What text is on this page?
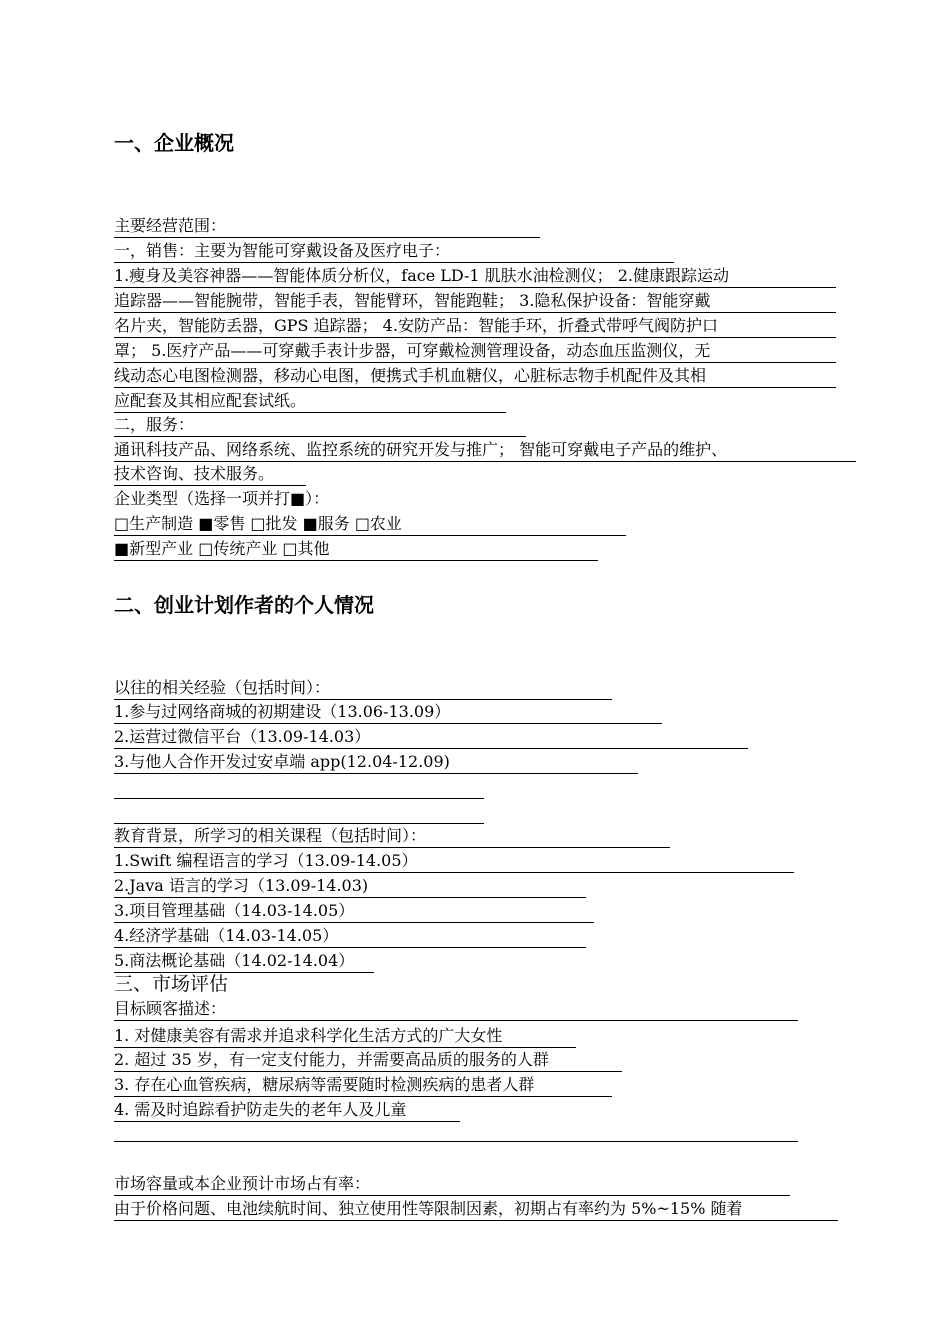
一、企业概况
主要经营范围：
一，销售：主要为智能可穿戴设备及医疗电子：
1.瘦身及美容神器——智能体质分析仪，face LD-1 肌肤水油检测仪； 2.健康跟踪运动
追踪器——智能腕带，智能手表，智能臂环，智能跑鞋； 3.隐私保护设备：智能穿戴
名片夹，智能防丢器，GPS 追踪器； 4.安防产品：智能手环，折叠式带呼气阀防护口
罩； 5.医疗产品——可穿戴手表计步器，可穿戴检测管理设备，动态血压监测仪，无
线动态心电图检测器，移动心电图，便携式手机血糖仪，心脏标志物手机配件及其相
应配套及其相应配套试纸。
二，服务：
通讯科技产品、网络系统、监控系统的研究开发与推广； 智能可穿戴电子产品的维护、
技术咨询、技术服务。
企业类型（选择一项并打■）：
□生产制造 ■零售 □批发 ■服务 □农业
■新型产业 □传统产业 □其他
二、创业计划作者的个人情况
以往的相关经验（包括时间）：
1.参与过网络商城的初期建设（13.06-13.09）
2.运营过微信平台（13.09-14.03）
3.与他人合作开发过安卓端 app(12.04-12.09)
教育背景，所学习的相关课程（包括时间）：
1.Swift 编程语言的学习（13.09-14.05）
2.Java 语言的学习（13.09-14.03)
3.项目管理基础（14.03-14.05）
4.经济学基础（14.03-14.05）
5.商法概论基础（14.02-14.04）
三、市场评估
目标顾客描述：
1. 对健康美容有需求并追求科学化生活方式的广大女性
2. 超过 35 岁，有一定支付能力，并需要高品质的服务的人群
3. 存在心血管疾病，糖尿病等需要随时检测疾病的患者人群
4. 需及时追踪看护防走失的老年人及儿童
市场容量或本企业预计市场占有率：
由于价格问题、电池续航时间、独立使用性等限制因素，初期占有率约为 5%~15% 随着
